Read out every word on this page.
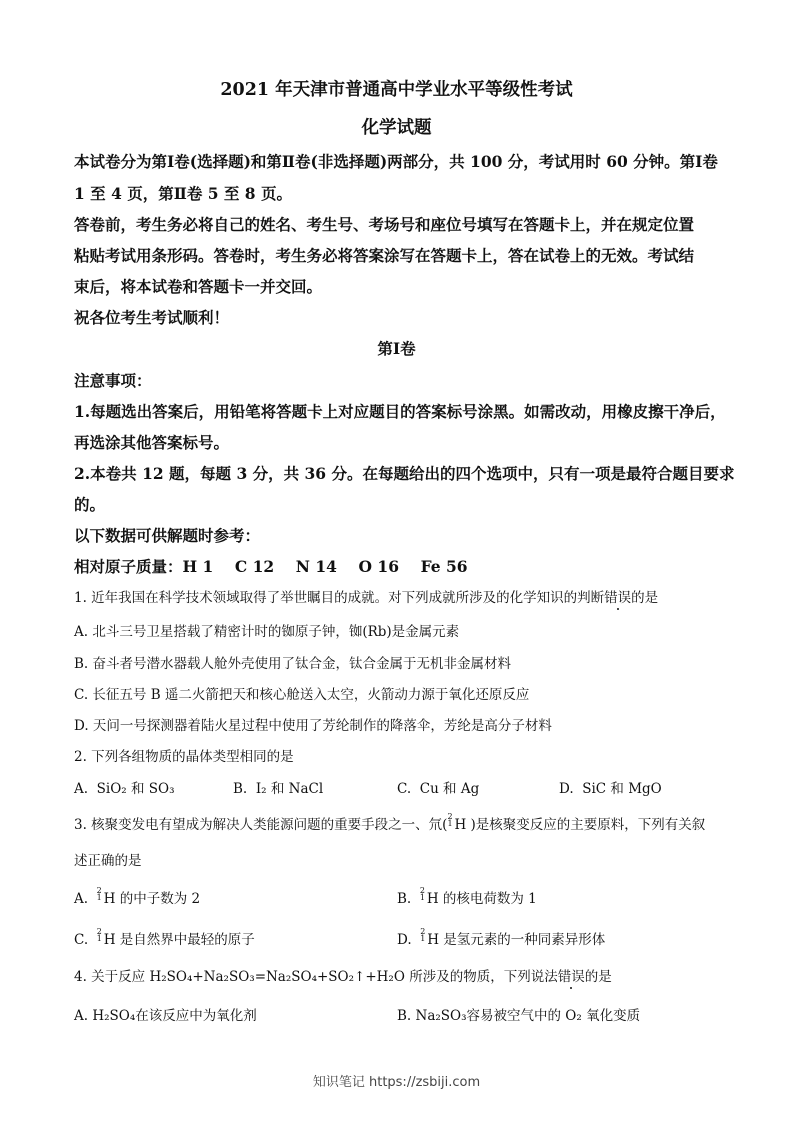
2021 年天津市普通高中学业水平等级性考试
化学试题
本试卷分为第Ⅰ卷(选择题)和第Ⅱ卷(非选择题)两部分，共 100 分，考试用时 60 分钟。第Ⅰ卷
1 至 4 页，第Ⅱ卷 5 至 8 页。
答卷前，考生务必将自己的姓名、考生号、考场号和座位号填写在答题卡上，并在规定位置
粘贴考试用条形码。答卷时，考生务必将答案涂写在答题卡上，答在试卷上的无效。考试结
束后，将本试卷和答题卡一并交回。
祝各位考生考试顺利！
第Ⅰ卷
注意事项：
1.每题选出答案后，用铅笔将答题卡上对应题目的答案标号涂黑。如需改动，用橡皮擦干净后，
再选涂其他答案标号。
2.本卷共 12 题，每题 3 分，共 36 分。在每题给出的四个选项中，只有一项是最符合题目要求
的。
以下数据可供解题时参考：
相对原子质量：H 1    C 12    N 14    O 16    Fe 56
1. 近年我国在科学技术领域取得了举世瞩目的成就。对下列成就所涉及的化学知识的判断错误的是
A. 北斗三号卫星搭载了精密计时的铷原子钟，铷(Rb)是金属元素
B. 奋斗者号潜水器载人舱外壳使用了钛合金，钛合金属于无机非金属材料
C. 长征五号 B 遥二火箭把天和核心舱送入太空，火箭动力源于氧化还原反应
D. 天问一号探测器着陆火星过程中使用了芳纶制作的降落伞，芳纶是高分子材料
2. 下列各组物质的晶体类型相同的是
A. SiO₂ 和 SO₃	B. I₂ 和 NaCl	C. Cu 和 Ag	D. SiC 和 MgO
3. 核聚变发电有望成为解决人类能源问题的重要手段之一、氘(
2
1 H )是核聚变反应的主要原料，下列有关叙
述正确的是
A.
2
1 H 的中子数为 2	B.
2
1 H 的核电荷数为 1
C.
2
1 H 是自然界中最轻的原子	D.
2
1 H 是氢元素的一种同素异形体
4. 关于反应 H₂SO₄+Na₂SO₃=Na₂SO₄+SO₂↑+H₂O 所涉及的物质，下列说法错误的是
A. H₂SO₄在该反应中为氧化剂	B. Na₂SO₃容易被空气中的 O₂ 氧化变质
知识笔记 https://zsbiji.com
